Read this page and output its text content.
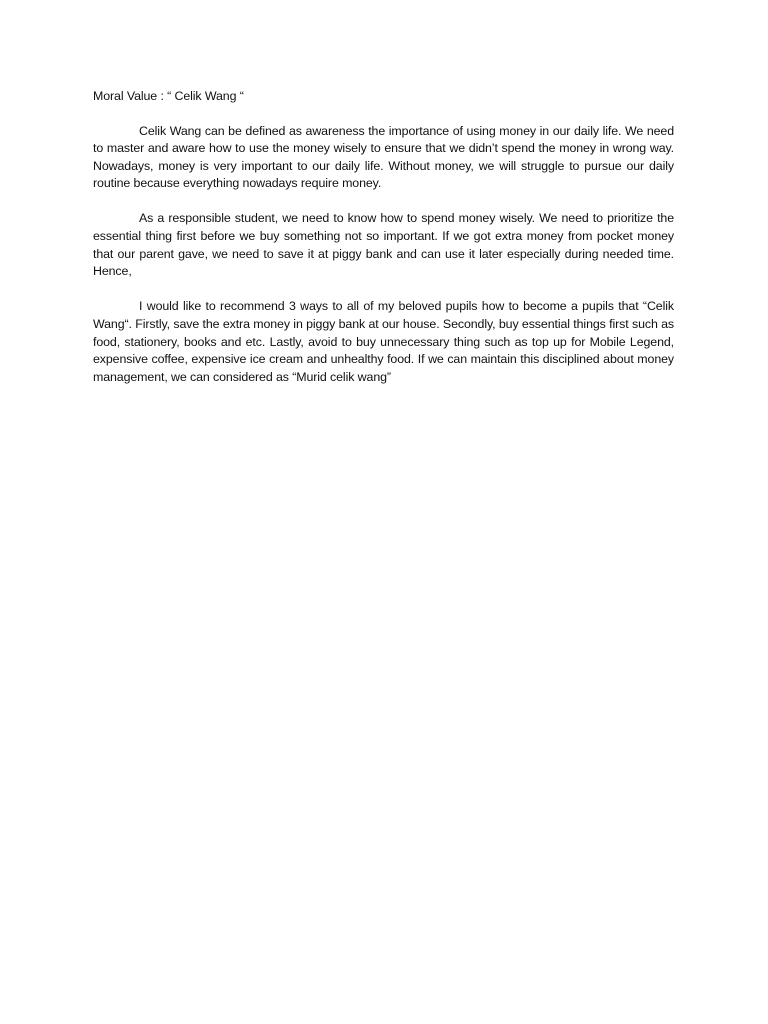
Moral Value : “ Celik Wang “

Celik Wang can be defined as awareness the importance of using money in our daily life. We need to master and aware how to use the money wisely to ensure that we didn’t spend the money in wrong way. Nowadays, money is very important to our daily life. Without money, we will struggle to pursue our daily routine because everything nowadays require money.

As a responsible student, we need to know how to spend money wisely. We need to prioritize the essential thing first before we buy something not so important. If we got extra money from pocket money that our parent gave, we need to save it at piggy bank and can use it later especially during needed time. Hence,

I would like to recommend 3 ways to all of my beloved pupils how to become a pupils that “Celik Wang“. Firstly, save the extra money in piggy bank at our house. Secondly, buy essential things first such as food, stationery, books and etc. Lastly, avoid to buy unnecessary thing such as top up for Mobile Legend, expensive coffee, expensive ice cream and unhealthy food. If we can maintain this disciplined about money management, we can considered as “Murid celik wang”
